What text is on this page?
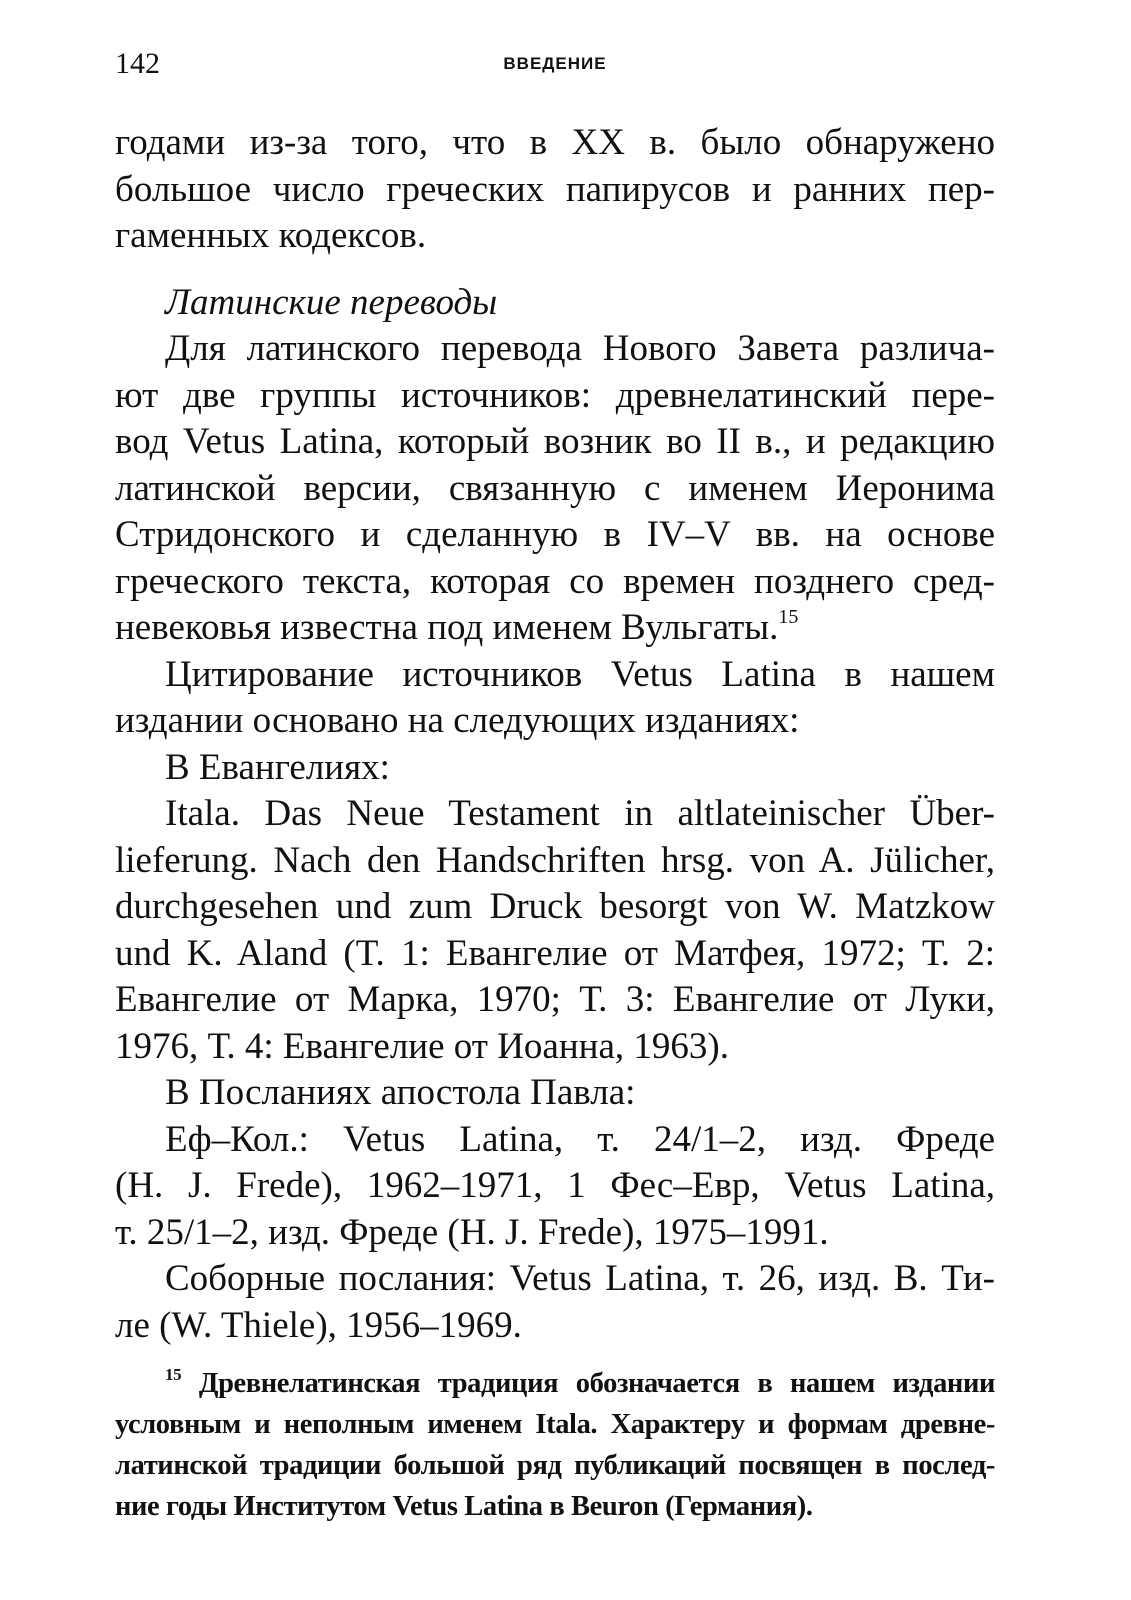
142	ВВЕДЕНИЕ
годами из-за того, что в XX в. было обнаружено
большое число греческих папирусов и ранних пер-
гаменных кодексов.
Латинские переводы
Для латинского перевода Нового Завета различа-
ют две группы источников: древнелатинский пере-
вод Vetus Latina, который возник во II в., и редакцию
латинской версии, связанную с именем Иеронима
Стридонского и сделанную в IV–V вв. на основе
греческого текста, которая со времен позднего сред-
невековья известна под именем Вульгаты.$^{15}$
Цитирование источников Vetus Latina в нашем
издании основано на следующих изданиях:
В Евангелиях:
Itala. Das Neue Testament in altlateinischer Über-
lieferung. Nach den Handschriften hrsg. von A. Jülicher,
durchgesehen und zum Druck besorgt von W. Matzkow
und K. Aland (T. 1: Евангелие от Матфея, 1972; Т. 2:
Евангелие от Марка, 1970; Т. 3: Евангелие от Луки,
1976, Т. 4: Евангелие от Иоанна, 1963).
В Посланиях апостола Павла:
Еф–Кол.: Vetus Latina, т. 24/1–2, изд. Фреде
(H. J. Frede), 1962–1971, 1 Фес–Евр, Vetus Latina,
т. 25/1–2, изд. Фреде (H. J. Frede), 1975–1991.
Соборные послания: Vetus Latina, т. 26, изд. В. Ти-
ле (W. Thiele), 1956–1969.
$^{15}$ Древнелатинская традиция обозначается в нашем издании
условным и неполным именем Itala. Характеру и формам древне-
латинской традиции большой ряд публикаций посвящен в послед-
ние годы Институтом Vetus Latina в Beuron (Германия).
